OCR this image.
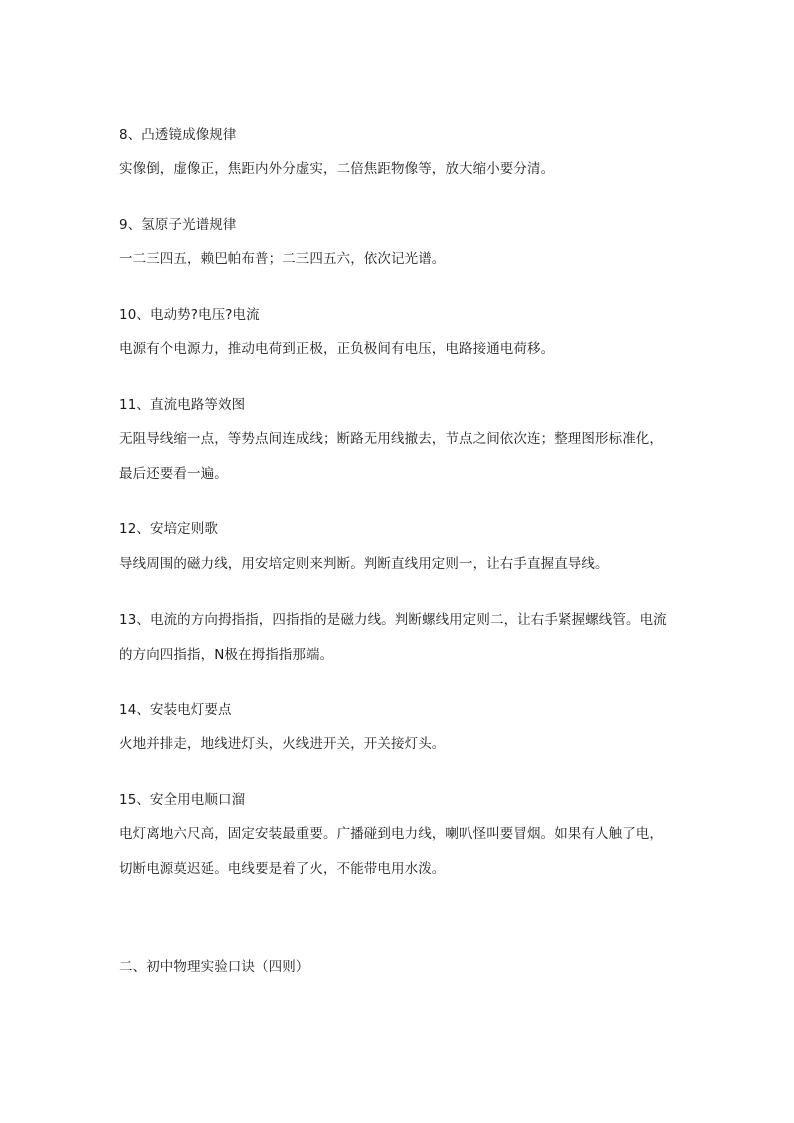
8、凸透镜成像规律
实像倒，虚像正，焦距内外分虚实，二倍焦距物像等，放大缩小要分清。
9、氢原子光谱规律
一二三四五，赖巴帕布普；二三四五六，依次记光谱。
10、电动势?电压?电流
电源有个电源力，推动电荷到正极，正负极间有电压，电路接通电荷移。
11、直流电路等效图
无阻导线缩一点，等势点间连成线；断路无用线撤去，节点之间依次连；整理图形标准化，
最后还要看一遍。
12、安培定则歌
导线周围的磁力线，用安培定则来判断。判断直线用定则一，让右手直握直导线。
13、电流的方向拇指指，四指指的是磁力线。判断螺线用定则二，让右手紧握螺线管。电流
的方向四指指，N极在拇指指那端。
14、安装电灯要点
火地并排走，地线进灯头，火线进开关，开关接灯头。
15、安全用电顺口溜
电灯离地六尺高，固定安装最重要。广播碰到电力线，喇叭怪叫要冒烟。如果有人触了电，
切断电源莫迟延。电线要是着了火，不能带电用水泼。
二、初中物理实验口诀（四则）
